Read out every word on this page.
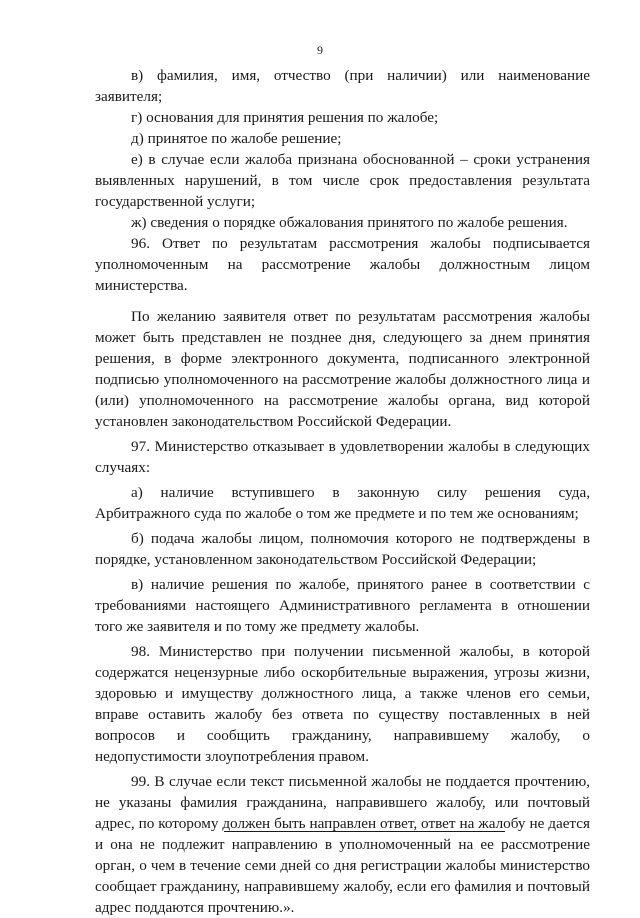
9

в) фамилия, имя, отчество (при наличии) или наименование заявителя;

г) основания для принятия решения по жалобе;

д) принятое по жалобе решение;

е) в случае если жалоба признана обоснованной – сроки устранения выявленных нарушений, в том числе срок предоставления результата государственной услуги;

ж) сведения о порядке обжалования принятого по жалобе решения.

96. Ответ по результатам рассмотрения жалобы подписывается уполномоченным на рассмотрение жалобы должностным лицом министерства.

По желанию заявителя ответ по результатам рассмотрения жалобы может быть представлен не позднее дня, следующего за днем принятия решения, в форме электронного документа, подписанного электронной подписью уполномоченного на рассмотрение жалобы должностного лица и (или) уполномоченного на рассмотрение жалобы органа, вид которой установлен законодательством Российской Федерации.

97. Министерство отказывает в удовлетворении жалобы в следующих случаях:

а) наличие вступившего в законную силу решения суда, Арбитражного суда по жалобе о том же предмете и по тем же основаниям;

б) подача жалобы лицом, полномочия которого не подтверждены в порядке, установленном законодательством Российской Федерации;

в) наличие решения по жалобе, принятого ранее в соответствии с требованиями настоящего Административного регламента в отношении того же заявителя и по тому же предмету жалобы.

98. Министерство при получении письменной жалобы, в которой содержатся нецензурные либо оскорбительные выражения, угрозы жизни, здоровью и имуществу должностного лица, а также членов его семьи, вправе оставить жалобу без ответа по существу поставленных в ней вопросов и сообщить гражданину, направившему жалобу, о недопустимости злоупотребления правом.

99. В случае если текст письменной жалобы не поддается прочтению, не указаны фамилия гражданина, направившего жалобу, или почтовый адрес, по которому должен быть направлен ответ, ответ на жалобу не дается и она не подлежит направлению в уполномоченный на ее рассмотрение орган, о чем в течение семи дней со дня регистрации жалобы министерство сообщает гражданину, направившему жалобу, если его фамилия и почтовый адрес поддаются прочтению.».
